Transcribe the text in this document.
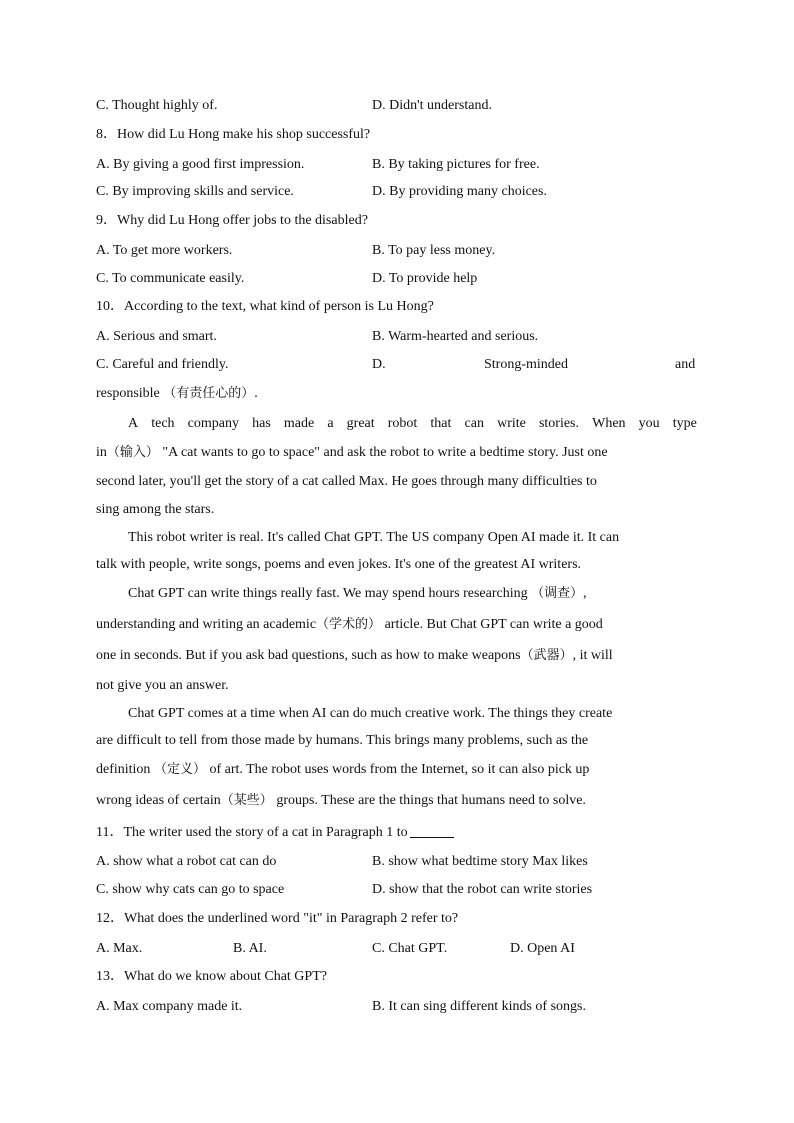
C. Thought highly of.	D. Didn't understand.
8．How did Lu Hong make his shop successful?
A. By giving a good first impression.	B. By taking pictures for free.
C. By improving skills and service.	D. By providing many choices.
9．Why did Lu Hong offer jobs to the disabled?
A. To get more workers.	B. To pay less money.
C. To communicate easily.	D. To provide help
10．According to the text, what kind of person is Lu Hong?
A. Serious and smart.	B. Warm-hearted and serious.
C. Careful and friendly.	D.	Strong-minded	and
responsible （有责任心的）.
A tech company has made a great robot that can write stories. When you type
in（输入） "A cat wants to go to space" and ask the robot to write a bedtime story. Just one
second later, you'll get the story of a cat called Max. He goes through many difficulties to
sing among the stars.
This robot writer is real. It's called Chat GPT. The US company Open AI made it. It can
talk with people, write songs, poems and even jokes. It's one of the greatest AI writers.
Chat GPT can write things really fast. We may spend hours researching （调查）,
understanding and writing an academic（学术的） article. But Chat GPT can write a good
one in seconds. But if you ask bad questions, such as how to make weapons（武器）, it will
not give you an answer.
Chat GPT comes at a time when AI can do much creative work. The things they create
are difficult to tell from those made by humans. This brings many problems, such as the
definition （定义） of art. The robot uses words from the Internet, so it can also pick up
wrong ideas of certain（某些） groups. These are the things that humans need to solve.
11．The writer used the story of a cat in Paragraph 1 to
A. show what a robot cat can do	B. show what bedtime story Max likes
C. show why cats can go to space	D. show that the robot can write stories
12．What does the underlined word "it" in Paragraph 2 refer to?
A. Max.	B. AI.	C. Chat GPT.	D. Open AI
13．What do we know about Chat GPT?
A. Max company made it.	B. It can sing different kinds of songs.
